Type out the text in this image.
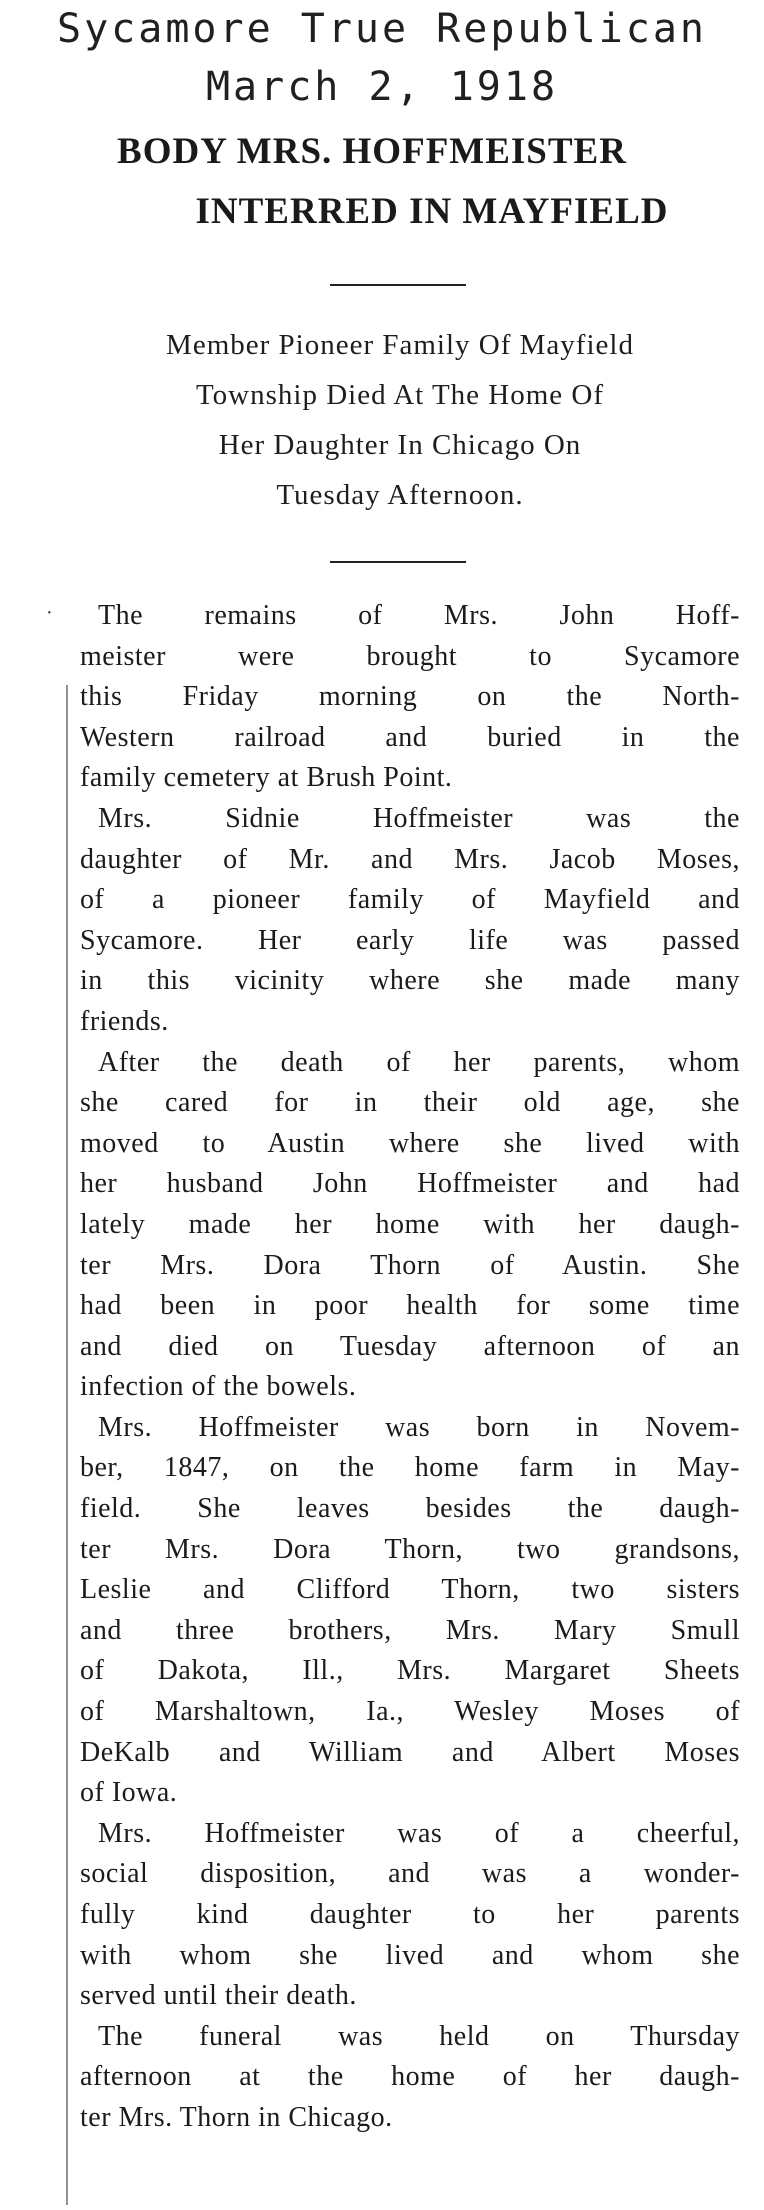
Sycamore True Republican
March 2, 1918
BODY MRS. HOFFMEISTER
INTERRED IN MAYFIELD
Member Pioneer Family Of Mayfield
Township Died At The Home Of
Her Daughter In Chicago On
Tuesday Afternoon.
·	The remains of Mrs. John Hoff-
meister were brought to Sycamore
this Friday morning on the North-
Western railroad and buried in the
family cemetery at Brush Point.
Mrs. Sidnie Hoffmeister was the
daughter of Mr. and Mrs. Jacob Moses,
of a pioneer family of Mayfield and
Sycamore. Her early life was passed
in this vicinity where she made many
friends.
After the death of her parents, whom
she cared for in their old age, she
moved to Austin where she lived with
her husband John Hoffmeister and had
lately made her home with her daugh-
ter Mrs. Dora Thorn of Austin. She
had been in poor health for some time
and died on Tuesday afternoon of an
infection of the bowels.
Mrs. Hoffmeister was born in Novem-
ber, 1847, on the home farm in May-
field. She leaves besides the daugh-
ter Mrs. Dora Thorn, two grandsons,
Leslie and Clifford Thorn, two sisters
and three brothers, Mrs. Mary Smull
of Dakota, Ill., Mrs. Margaret Sheets
of Marshaltown, Ia., Wesley Moses of
DeKalb and William and Albert Moses
of Iowa.
Mrs. Hoffmeister was of a cheerful,
social disposition, and was a wonder-
fully kind daughter to her parents
with whom she lived and whom she
served until their death.
The funeral was held on Thursday
afternoon at the home of her daugh-
ter Mrs. Thorn in Chicago.
